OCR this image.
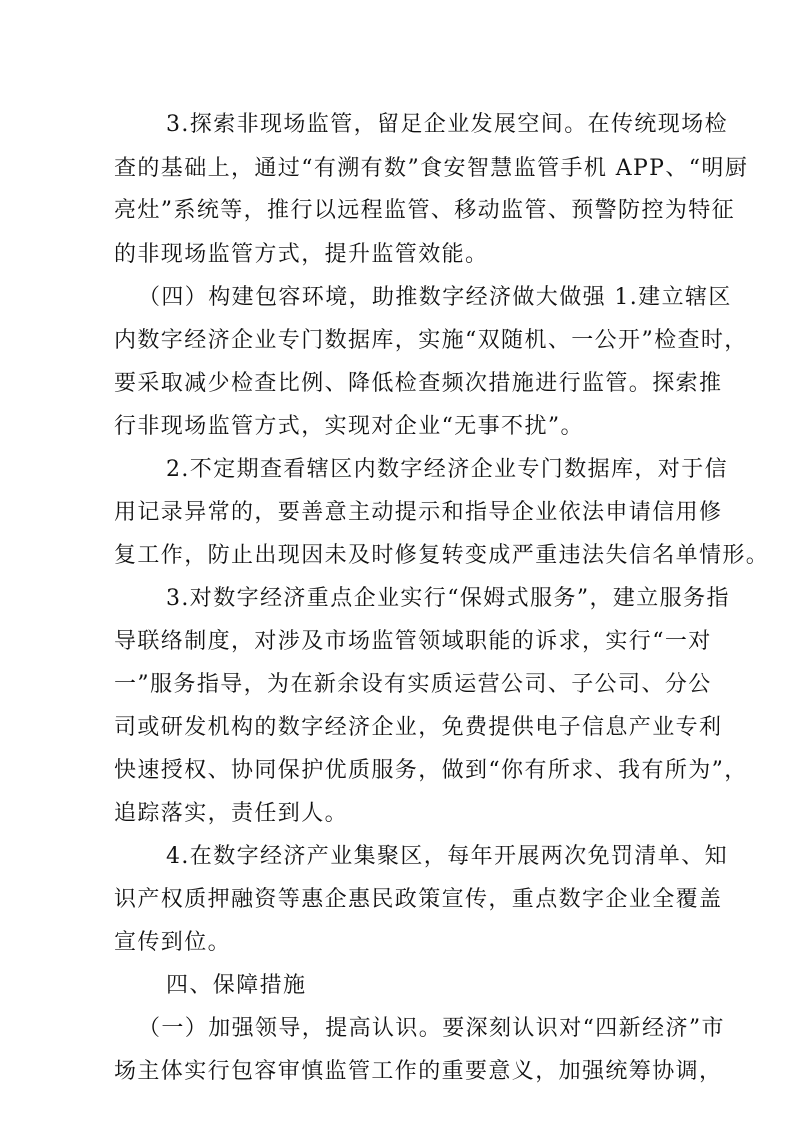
3.探索非现场监管，留足企业发展空间。在传统现场检

查的基础上，通过“有溯有数”食安智慧监管手机 APP、“明厨

亮灶”系统等，推行以远程监管、移动监管、预警防控为特征

的非现场监管方式，提升监管效能。

（四）构建包容环境，助推数字经济做大做强 1.建立辖区

内数字经济企业专门数据库，实施“双随机、一公开”检查时，

要采取减少检查比例、降低检查频次措施进行监管。探索推

行非现场监管方式，实现对企业“无事不扰”。

2.不定期查看辖区内数字经济企业专门数据库，对于信

用记录异常的，要善意主动提示和指导企业依法申请信用修

复工作，防止出现因未及时修复转变成严重违法失信名单情形。

3.对数字经济重点企业实行“保姆式服务”，建立服务指

导联络制度，对涉及市场监管领域职能的诉求，实行“一对

一”服务指导，为在新余设有实质运营公司、子公司、分公

司或研发机构的数字经济企业，免费提供电子信息产业专利

快速授权、协同保护优质服务，做到“你有所求、我有所为”，

追踪落实，责任到人。

4.在数字经济产业集聚区，每年开展两次免罚清单、知

识产权质押融资等惠企惠民政策宣传，重点数字企业全覆盖

宣传到位。

四、保障措施

（一）加强领导，提高认识。要深刻认识对“四新经济”市

场主体实行包容审慎监管工作的重要意义，加强统筹协调，
